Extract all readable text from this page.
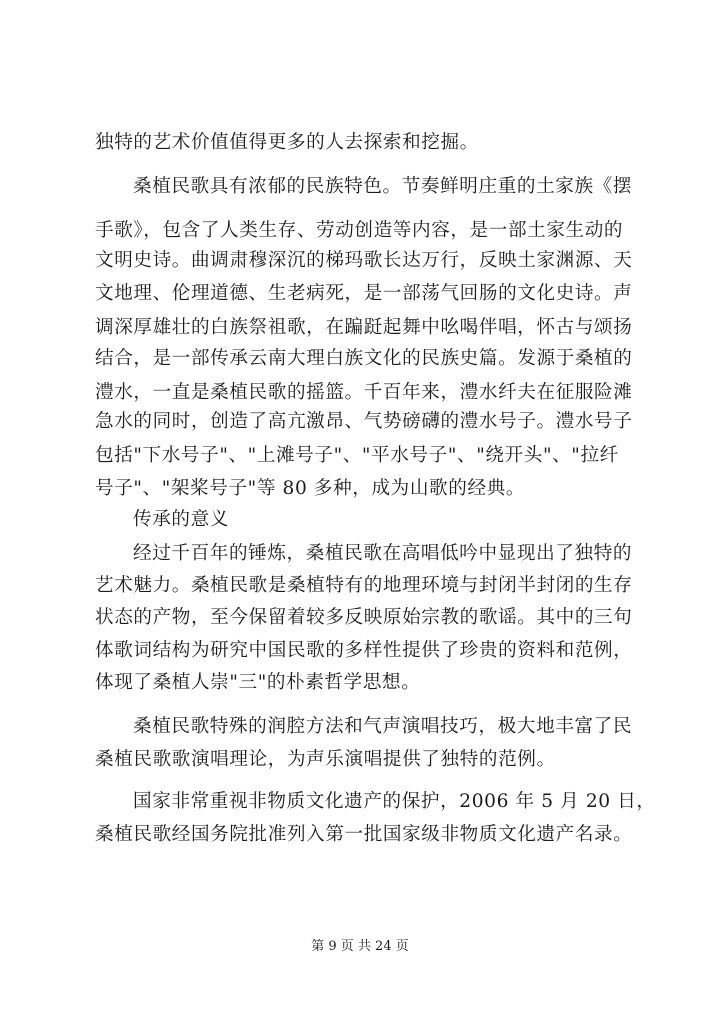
独特的艺术价值值得更多的人去探索和挖掘。
桑植民歌具有浓郁的民族特色。节奏鲜明庄重的土家族《摆
手歌》，包含了人类生存、劳动创造等内容，是一部土家生动的
文明史诗。曲调肃穆深沉的梯玛歌长达万行，反映土家渊源、天
文地理、伦理道德、生老病死，是一部荡气回肠的文化史诗。声
调深厚雄壮的白族祭祖歌，在蹁跹起舞中吆喝伴唱，怀古与颂扬
结合，是一部传承云南大理白族文化的民族史篇。发源于桑植的
澧水，一直是桑植民歌的摇篮。千百年来，澧水纤夫在征服险滩
急水的同时，创造了高亢激昂、气势磅礴的澧水号子。澧水号子
包括"下水号子"、"上滩号子"、"平水号子"、"绕开头"、"拉纤
号子"、"架桨号子"等 80 多种，成为山歌的经典。
传承的意义
经过千百年的锤炼，桑植民歌在高唱低吟中显现出了独特的
艺术魅力。桑植民歌是桑植特有的地理环境与封闭半封闭的生存
状态的产物，至今保留着较多反映原始宗教的歌谣。其中的三句
体歌词结构为研究中国民歌的多样性提供了珍贵的资料和范例，
体现了桑植人崇"三"的朴素哲学思想。
桑植民歌特殊的润腔方法和气声演唱技巧，极大地丰富了民
桑植民歌歌演唱理论，为声乐演唱提供了独特的范例。
国家非常重视非物质文化遗产的保护，2006 年 5 月 20 日，
桑植民歌经国务院批准列入第一批国家级非物质文化遗产名录。
第 9 页 共 24 页
